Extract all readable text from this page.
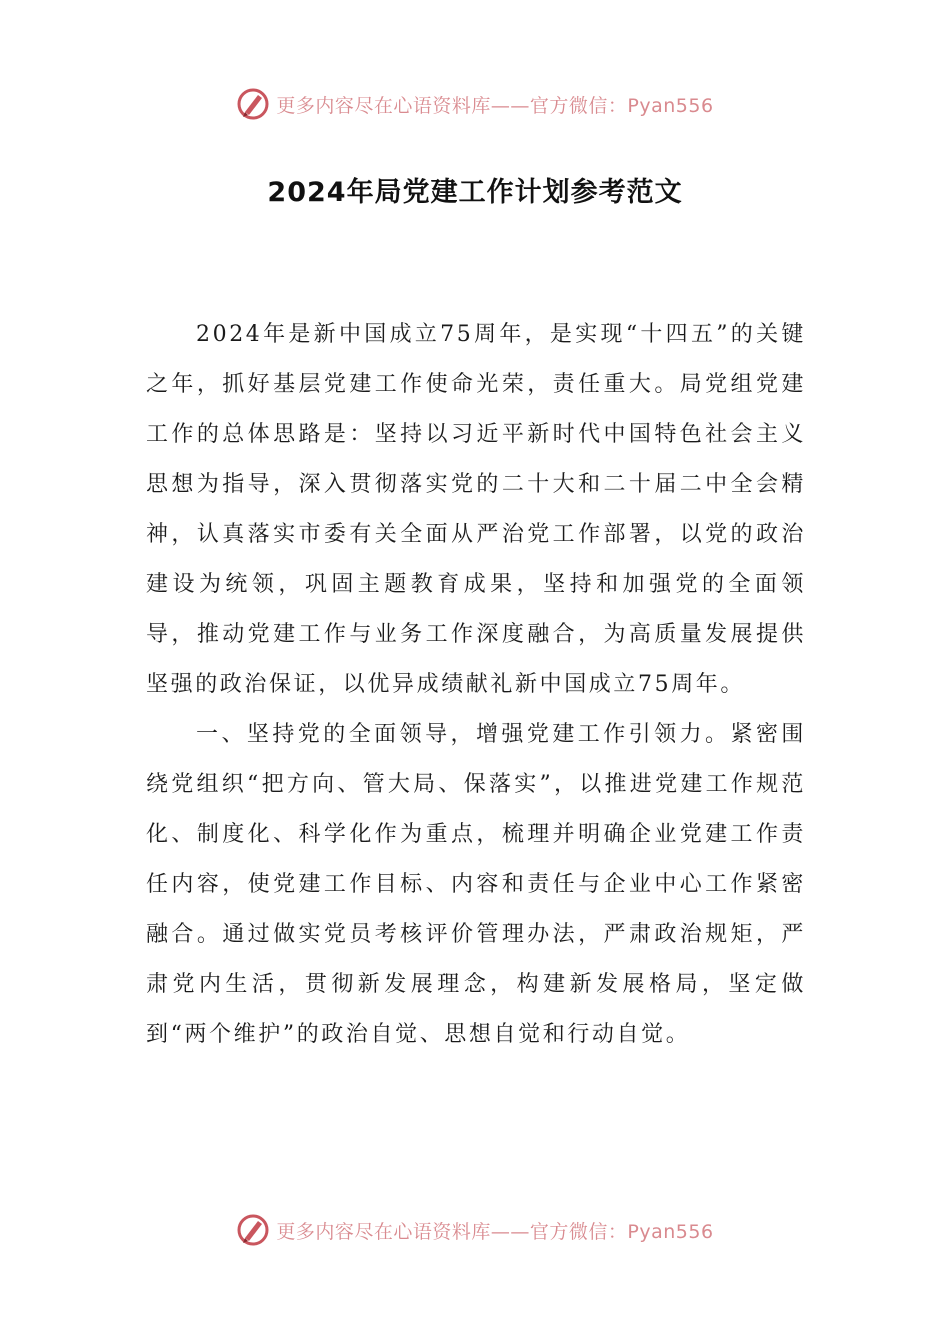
更多内容尽在心语资料库——官方微信：Pyan556
2024年局党建工作计划参考范文

2024年是新中国成立75周年，是实现“十四五”的关键之年，抓好基层党建工作使命光荣，责任重大。局党组党建工作的总体思路是：坚持以习近平新时代中国特色社会主义思想为指导，深入贯彻落实党的二十大和二十届二中全会精神，认真落实市委有关全面从严治党工作部署，以党的政治建设为统领，巩固主题教育成果，坚持和加强党的全面领导，推动党建工作与业务工作深度融合，为高质量发展提供坚强的政治保证，以优异成绩献礼新中国成立75周年。

一、坚持党的全面领导，增强党建工作引领力。紧密围绕党组织“把方向、管大局、保落实”，以推进党建工作规范化、制度化、科学化作为重点，梳理并明确企业党建工作责任内容，使党建工作目标、内容和责任与企业中心工作紧密融合。通过做实党员考核评价管理办法，严肃政治规矩，严肃党内生活，贯彻新发展理念，构建新发展格局，坚定做到“两个维护”的政治自觉、思想自觉和行动自觉。

更多内容尽在心语资料库——官方微信：Pyan556
